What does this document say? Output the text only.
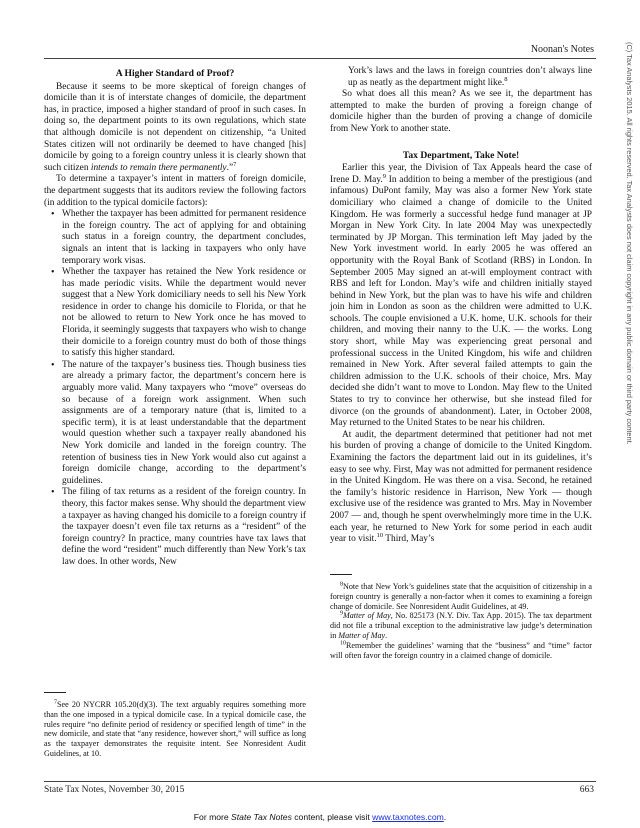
Noonan's Notes
A Higher Standard of Proof?

Because it seems to be more skeptical of foreign changes of domicile than it is of interstate changes of domicile, the department has, in practice, imposed a higher standard of proof in such cases. In doing so, the department points to its own regulations, which state that although domicile is not dependent on citizenship, “a United States citizen will not ordinarily be deemed to have changed [his] domicile by going to a foreign country unless it is clearly shown that such citizen intends to remain there permanently.”$^7$

To determine a taxpayer’s intent in matters of foreign domicile, the department suggests that its auditors review the following factors (in addition to the typical domicile factors):

• Whether the taxpayer has been admitted for permanent residence in the foreign country. The act of applying for and obtaining such status in a foreign country, the department concludes, signals an intent that is lacking in taxpayers who only have temporary work visas.
• Whether the taxpayer has retained the New York residence or has made periodic visits. While the department would never suggest that a New York domiciliary needs to sell his New York residence in order to change his domicile to Florida, or that he not be allowed to return to New York once he has moved to Florida, it seemingly suggests that taxpayers who wish to change their domicile to a foreign country must do both of those things to satisfy this higher standard.
• The nature of the taxpayer’s business ties. Though business ties are already a primary factor, the department’s concern here is arguably more valid. Many taxpayers who “move” overseas do so because of a foreign work assignment. When such assignments are of a temporary nature (that is, limited to a specific term), it is at least understandable that the department would question whether such a taxpayer really abandoned his New York domicile and landed in the foreign country. The retention of business ties in New York would also cut against a foreign domicile change, according to the department’s guidelines.
• The filing of tax returns as a resident of the foreign country. In theory, this factor makes sense. Why should the department view a taxpayer as having changed his domicile to a foreign country if the taxpayer doesn’t even file tax returns as a “resident” of the foreign country? In practice, many countries have tax laws that define the word “resident” much differently than New York’s tax law does. In other words, New

York’s laws and the laws in foreign countries don’t always line up as neatly as the department might like.$^8$

So what does all this mean? As we see it, the department has attempted to make the burden of proving a foreign change of domicile higher than the burden of proving a change of domicile from New York to another state.

Tax Department, Take Note!

Earlier this year, the Division of Tax Appeals heard the case of Irene D. May.$^9$ In addition to being a member of the prestigious (and infamous) DuPont family, May was also a former New York state domiciliary who claimed a change of domicile to the United Kingdom. He was formerly a successful hedge fund manager at JP Morgan in New York City. In late 2004 May was unexpectedly terminated by JP Morgan. This termination left May jaded by the New York investment world. In early 2005 he was offered an opportunity with the Royal Bank of Scotland (RBS) in London. In September 2005 May signed an at-will employment contract with RBS and left for London. May’s wife and children initially stayed behind in New York, but the plan was to have his wife and children join him in London as soon as the children were admitted to U.K. schools. The couple envisioned a U.K. home, U.K. schools for their children, and moving their nanny to the U.K. — the works. Long story short, while May was experiencing great personal and professional success in the United Kingdom, his wife and children remained in New York. After several failed attempts to gain the children admission to the U.K. schools of their choice, Mrs. May decided she didn’t want to move to London. May flew to the United States to try to convince her otherwise, but she instead filed for divorce (on the grounds of abandonment). Later, in October 2008, May returned to the United States to be near his children.

At audit, the department determined that petitioner had not met his burden of proving a change of domicile to the United Kingdom. Examining the factors the department laid out in its guidelines, it’s easy to see why. First, May was not admitted for permanent residence in the United Kingdom. He was there on a visa. Second, he retained the family’s historic residence in Harrison, New York — though exclusive use of the residence was granted to Mrs. May in November 2007 — and, though he spent overwhelmingly more time in the U.K. each year, he returned to New York for some period in each audit year to visit.$^{10}$ Third, May’s

$^7$See 20 NYCRR 105.20(d)(3). The text arguably requires something more than the one imposed in a typical domicile case. In a typical domicile case, the rules require “no definite period of residency or specified length of time” in the new domicile, and state that “any residence, however short,” will suffice as long as the taxpayer demonstrates the requisite intent. See Nonresident Audit Guidelines, at 10.

$^8$Note that New York’s guidelines state that the acquisition of citizenship in a foreign country is generally a non-factor when it comes to examining a foreign change of domicile. See Nonresident Audit Guidelines, at 49.

$^9$Matter of May, No. 825173 (N.Y. Div. Tax App. 2015). The tax department did not file a tribunal exception to the administrative law judge’s determination in Matter of May.

$^{10}$Remember the guidelines’ warning that the “business” and “time” factor will often favor the foreign country in a claimed change of domicile.

State Tax Notes, November 30, 2015	663
For more State Tax Notes content, please visit www.taxnotes.com.
(C) Tax Analysts 2015. All rights reserved. Tax Analysts does not claim copyright in any public domain or third party content.
